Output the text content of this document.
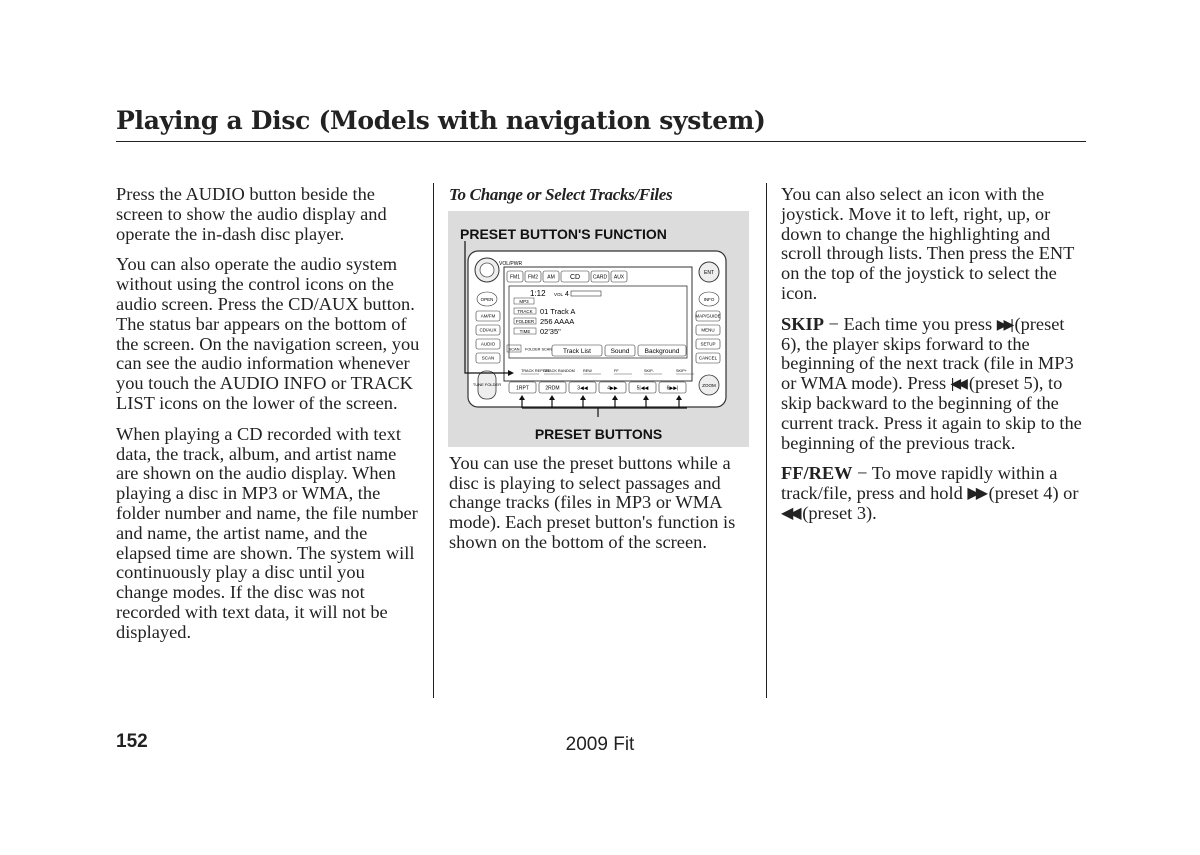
Playing a Disc (Models with navigation system)

Press the AUDIO button beside the screen to show the audio display and operate the in-dash disc player.

You can also operate the audio system without using the control icons on the audio screen. Press the CD/AUX button. The status bar appears on the bottom of the screen. On the navigation screen, you can see the audio information whenever you touch the AUDIO INFO or TRACK LIST icons on the lower of the screen.

When playing a CD recorded with text data, the track, album, and artist name are shown on the audio display. When playing a disc in MP3 or WMA, the folder number and name, the file number and name, the artist name, and the elapsed time are shown. The system will continuously play a disc until you change modes. If the disc was not recorded with text data, it will not be displayed.

To Change or Select Tracks/Files
VOL/PWR
ENT
FM1 FM2 AM CD	CARD AUX
OPEN
AM/FM
CD/AUX
AUDIO
SCAN
INFO
MAP/GUIDE
MENU
SETUP
CANCEL
1:12 VOL 4
MP3
TRACK 01 Track A
FOLDER 256 AAAA
TIME 02'35"
SCAN FOLDER SCAN Track List	Sound Background
TRACK REPEAT
TRACK RANDOM REW	FF	SKIP-	SKIP+
1RPT	2RDM	3◀◀	4▶▶	5|◀◀	6▶▶|
TUNE FOLDER	ZOOM
PRESET BUTTON'S FUNCTION
PRESET BUTTONS

You can use the preset buttons while a disc is playing to select passages and change tracks (files in MP3 or WMA mode). Each preset button's function is shown on the bottom of the screen.

You can also select an icon with the joystick. Move it to left, right, up, or down to change the highlighting and scroll through lists. Then press the ENT on the top of the joystick to select the icon.

SKIP − Each time you press ▶▶| (preset 6), the player skips forward to the beginning of the next track (file in MP3 or WMA mode). Press |◀◀ (preset 5), to skip backward to the beginning of the current track. Press it again to skip to the beginning of the previous track.

FF/REW − To move rapidly within a track/file, press and hold ▶▶ (preset 4) or ◀◀ (preset 3).

152	2009 Fit
